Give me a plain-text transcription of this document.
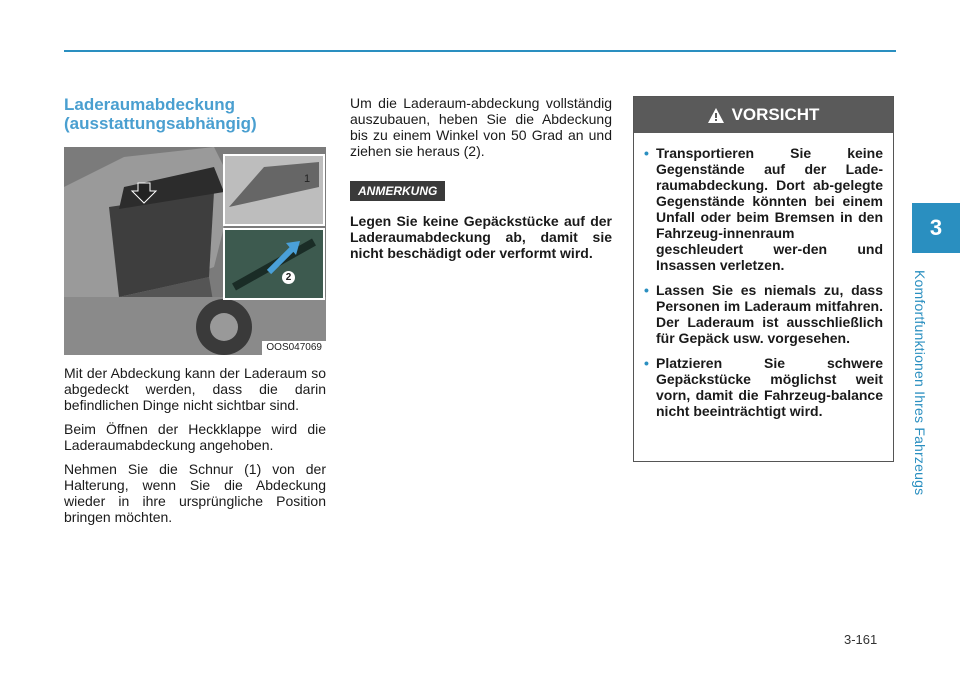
3
Komfortfunktionen Ihres Fahrzeugs
Laderaumabdeckung
(ausstattungsabhängig)
1
2
OOS047069

Mit der Abdeckung kann der Laderaum so abgedeckt werden, dass die darin befindlichen Dinge nicht sichtbar sind.

Beim Öffnen der Heckklappe wird die Laderaumabdeckung angehoben.

Nehmen Sie die Schnur (1) von der Halterung, wenn Sie die Abdeckung wieder in ihre ursprüngliche Position bringen möchten.

Um die Laderaum-abdeckung vollständig auszubauen, heben Sie die Abdeckung bis zu einem Winkel von 50 Grad an und ziehen sie heraus (2).

ANMERKUNG

Legen Sie keine Gepäckstücke auf der Laderaumabdeckung ab, damit sie nicht beschädigt oder verformt wird.

VORSICHT
• Transportieren Sie keine Gegenstände auf der Lade-raumabdeckung. Dort ab-gelegte Gegenstände könnten bei einem Unfall oder beim Bremsen in den Fahrzeug-innenraum geschleudert wer-den und Insassen verletzen.
• Lassen Sie es niemals zu, dass Personen im Laderaum mitfahren. Der Laderaum ist ausschließlich für Gepäck usw. vorgesehen.
• Platzieren Sie schwere Gepäckstücke möglichst weit vorn, damit die Fahrzeug-balance nicht beeinträchtigt wird.
3-161
